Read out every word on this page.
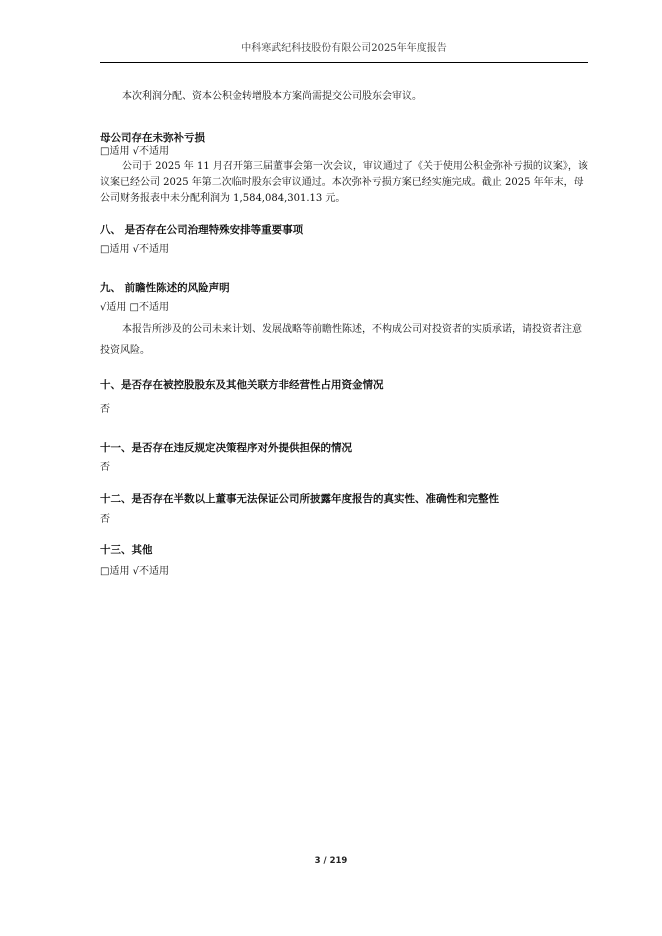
中科寒武纪科技股份有限公司2025年年度报告
本次利润分配、资本公积金转增股本方案尚需提交公司股东会审议。
母公司存在未弥补亏损
□适用 √不适用

公司于 2025 年 11 月召开第三届董事会第一次会议，审议通过了《关于使用公积金弥补亏损的议案》，该议案已经公司 2025 年第二次临时股东会审议通过。本次弥补亏损方案已经实施完成。截止 2025 年年末，母公司财务报表中未分配利润为 1,584,084,301.13 元。

八、 是否存在公司治理特殊安排等重要事项
□适用 √不适用
九、 前瞻性陈述的风险声明
√适用 □不适用

本报告所涉及的公司未来计划、发展战略等前瞻性陈述，不构成公司对投资者的实质承诺，请投资者注意投资风险。

十、是否存在被控股股东及其他关联方非经营性占用资金情况
否
十一、是否存在违反规定决策程序对外提供担保的情况
否
十二、是否存在半数以上董事无法保证公司所披露年度报告的真实性、准确性和完整性
否
十三、其他
□适用 √不适用
3 / 219
